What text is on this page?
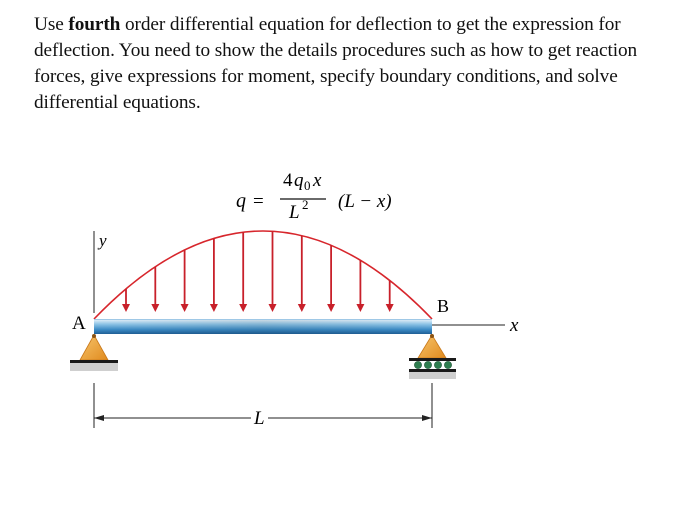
Use fourth order differential equation for deflection to get the expression for deflection. You need to show the details procedures such as how to get reaction forces, give expressions for moment, specify boundary conditions, and solve differential equations.
q =
4 q 0 x
L 2 (L − x)
y
x
A
B
L
